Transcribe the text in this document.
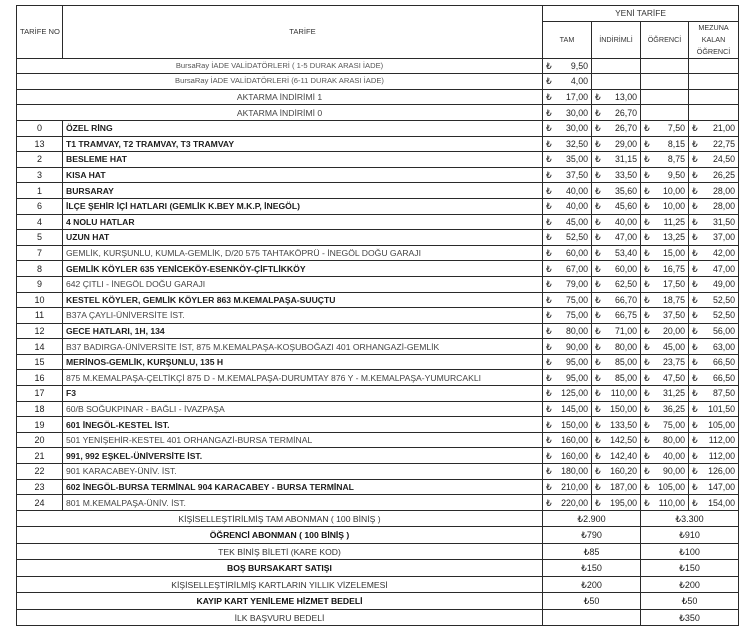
TARİFE NO	TARİFE	YENİ TARİFE			
		TAM	İNDİRİMLİ	ÖĞRENCİ	MEZUNA
KALAN
ÖĞRENCİ
BursaRay İADE VALİDATÖRLERİ ( 1-5 DURAK ARASI İADE)		₺ 9,50			

BursaRay İADE VALİDATÖRLERİ (6-11 DURAK ARASI İADE)		₺ 4,00			

AKTARMA İNDİRİMİ 1		₺ 17,00	₺ 13,00		

AKTARMA İNDİRİMİ 0		₺ 30,00	₺ 26,70		

0	ÖZEL RİNG	₺ 30,00	₺ 26,70	₺ 7,50	₺ 21,00

13	T1 TRAMVAY, T2 TRAMVAY, T3 TRAMVAY	₺ 32,50	₺ 29,00	₺ 8,15	₺ 22,75

2	BESLEME HAT	₺ 35,00	₺ 31,15	₺ 8,75	₺ 24,50

3	KISA HAT	₺ 37,50	₺ 33,50	₺ 9,50	₺ 26,25

1	BURSARAY	₺ 40,00	₺ 35,60	₺ 10,00	₺ 28,00

6	İLÇE ŞEHİR İÇİ HATLARI (GEMLİK K.BEY M.K.P, İNEGÖL)	₺ 40,00	₺ 45,60	₺ 10,00	₺ 28,00

4	4 NOLU HATLAR	₺ 45,00	₺ 40,00	₺ 11,25	₺ 31,50

5	UZUN HAT	₺ 52,50	₺ 47,00	₺ 13,25	₺ 37,00

7	GEMLİK, KURŞUNLU, KUMLA-GEMLİK, D/20 575 TAHTAKÖPRÜ - İNEGÖL DOĞU GARAJI	₺ 60,00	₺ 53,40	₺ 15,00	₺ 42,00

8	GEMLİK KÖYLER 635 YENİCEKÖY-ESENKÖY-ÇİFTLİKKÖY	₺ 67,00	₺ 60,00	₺ 16,75	₺ 47,00

9	642 ÇITLI - İNEGÖL DOĞU GARAJI	₺ 79,00	₺ 62,50	₺ 17,50	₺ 49,00

10	KESTEL KÖYLER, GEMLİK KÖYLER 863 M.KEMALPAŞA-SUUÇTU	₺ 75,00	₺ 66,70	₺ 18,75	₺ 52,50

11	B37A ÇAYLI-ÜNİVERSİTE İST.	₺ 75,00	₺ 66,75	₺ 37,50	₺ 52,50

12	GECE HATLARI, 1H, 134	₺ 80,00	₺ 71,00	₺ 20,00	₺ 56,00

14	B37 BADIRGA-ÜNİVERSİTE İST, 875 M.KEMALPAŞA-KOŞUBOĞAZI 401 ORHANGAZİ-GEMLİK	₺ 90,00	₺ 80,00	₺ 45,00	₺ 63,00

15	MERİNOS-GEMLİK, KURŞUNLU, 135 H	₺ 95,00	₺ 85,00	₺ 23,75	₺ 66,50

16	875 M.KEMALPAŞA-ÇELTİKÇİ 875 D - M.KEMALPAŞA-DURUMTAY 876 Y - M.KEMALPAŞA-YUMURCAKLI	₺ 95,00	₺ 85,00	₺ 47,50	₺ 66,50

17	F3	₺ 125,00	₺ 110,00	₺ 31,25	₺ 87,50

18	60/B SOĞUKPINAR - BAĞLI - İVAZPAŞA	₺ 145,00	₺ 150,00	₺ 36,25	₺ 101,50

19	601 İNEGÖL-KESTEL İST.	₺ 150,00	₺ 133,50	₺ 75,00	₺ 105,00

20	501 YENİŞEHİR-KESTEL 401 ORHANGAZİ-BURSA TERMİNAL	₺ 160,00	₺ 142,50	₺ 80,00	₺ 112,00

21	991, 992 EŞKEL-ÜNİVERSİTE İST.	₺ 160,00	₺ 142,40	₺ 40,00	₺ 112,00

22	901 KARACABEY-ÜNİV. İST.	₺ 180,00	₺ 160,20	₺ 90,00	₺ 126,00

23	602 İNEGÖL-BURSA TERMİNAL 904 KARACABEY - BURSA TERMİNAL	₺ 210,00	₺ 187,00	₺ 105,00	₺ 147,00

24	801 M.KEMALPAŞA-ÜNİV. İST.	₺ 220,00	₺ 195,00	₺ 110,00	₺ 154,00

KİŞİSELLEŞTİRİLMİŞ TAM ABONMAN ( 100 BİNİŞ )		₺2.900		₺3.300	
ÖĞRENCİ ABONMAN ( 100 BİNİŞ )		₺790		₺910	
TEK BİNİŞ BİLETİ (KARE KOD)		₺85		₺100	
BOŞ BURSAKART SATIŞI		₺150		₺150	
KİŞİSELLEŞTİRİLMİŞ KARTLARIN YILLIK VİZELEMESİ		₺200		₺200	
KAYIP KART YENİLEME HİZMET BEDELİ		₺50		₺50	
İLK BAŞVURU BEDELİ				₺350	
